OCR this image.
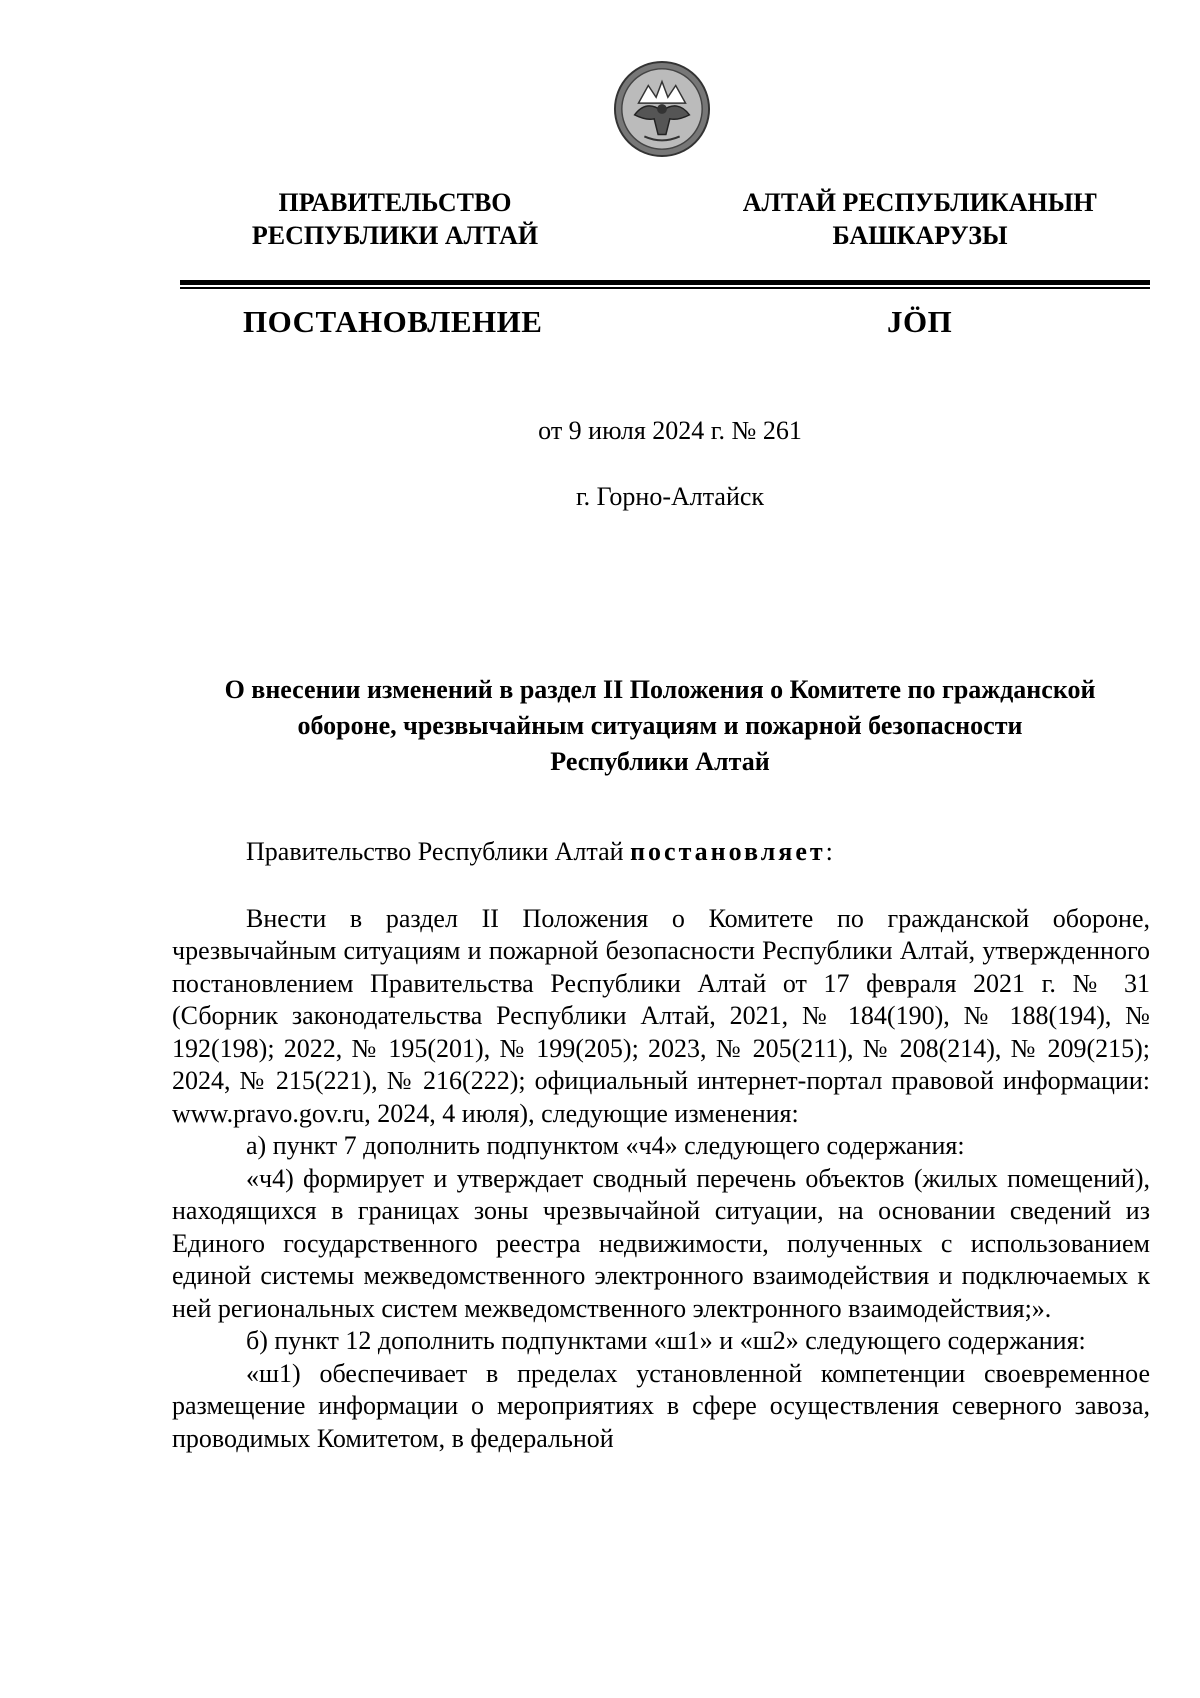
ПРАВИТЕЛЬСТВО
РЕСПУБЛИКИ АЛТАЙ
АЛТАЙ РЕСПУБЛИКАНЫҤ
БАШКАРУЗЫ
ПОСТАНОВЛЕНИЕ	JӦП
от 9 июля 2024 г. № 261
г. Горно-Алтайск
О внесении изменений в раздел II Положения о Комитете по гражданской
обороне, чрезвычайным ситуациям и пожарной безопасности
Республики Алтай

Правительство Республики Алтай постановляет:

Внести в раздел II Положения о Комитете по гражданской обороне, чрезвычайным ситуациям и пожарной безопасности Республики Алтай, утвержденного постановлением Правительства Республики Алтай от 17 февраля 2021 г. № 31 (Сборник законодательства Республики Алтай, 2021, № 184(190), № 188(194), № 192(198); 2022, № 195(201), № 199(205); 2023, № 205(211), № 208(214), № 209(215); 2024, № 215(221), № 216(222); официальный интернет-портал правовой информации: www.pravo.gov.ru, 2024, 4 июля), следующие изменения:

а) пункт 7 дополнить подпунктом «ч4» следующего содержания:

«ч4) формирует и утверждает сводный перечень объектов (жилых помещений), находящихся в границах зоны чрезвычайной ситуации, на основании сведений из Единого государственного реестра недвижимости, полученных с использованием единой системы межведомственного электронного взаимодействия и подключаемых к ней региональных систем межведомственного электронного взаимодействия;».

б) пункт 12 дополнить подпунктами «ш1» и «ш2» следующего содержания:

«ш1) обеспечивает в пределах установленной компетенции своевременное размещение информации о мероприятиях в сфере осуществления северного завоза, проводимых Комитетом, в федеральной
